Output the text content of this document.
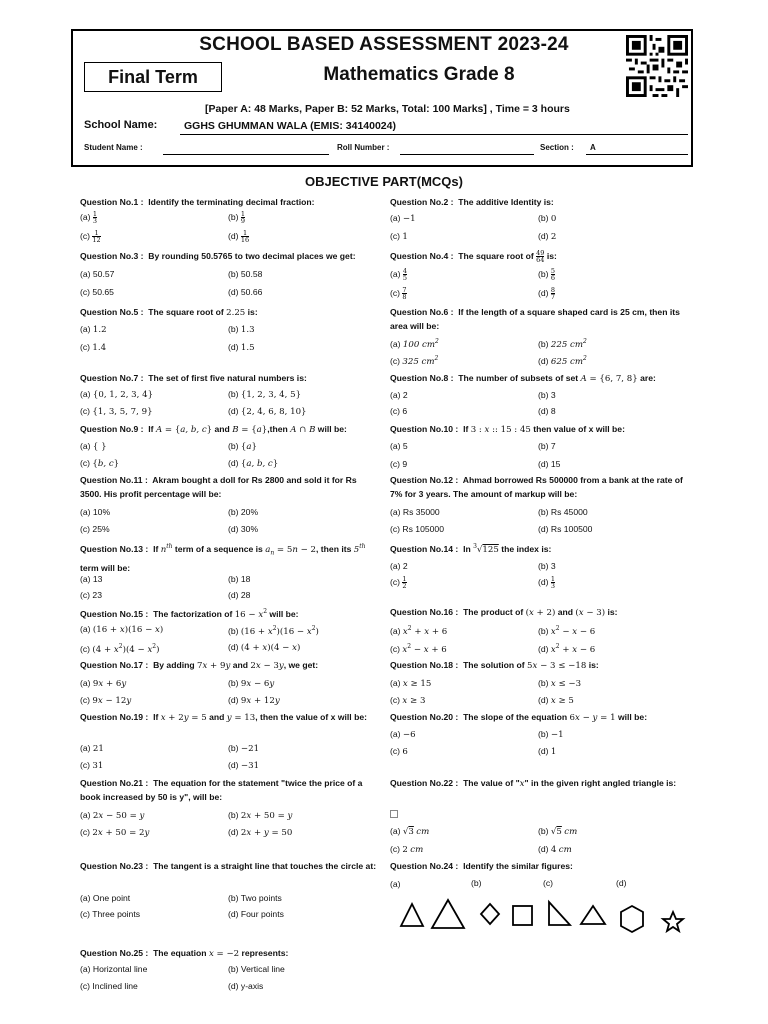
SCHOOL BASED ASSESSMENT 2023-24
Final Term	Mathematics Grade 8
[Paper A: 48 Marks, Paper B: 52 Marks, Total: 100 Marks] , Time = 3 hours
School Name:	GGHS GHUMMAN WALA (EMIS: 34140024)
Student Name :	Roll Number :	Section : A
OBJECTIVE PART(MCQs)
Question No.1 : Identify the terminating decimal fraction:
$(a) \frac{1}{3}$	$(b) \frac{1}{9}$
$(c) \frac{1}{12}$	$(d) \frac{1}{16}$
Question No.2 : The additive Identity is:
(a) −1	(b) 0
(c) 1	(d) 2
Question No.3 : By rounding 50.5765 to two decimal places we get:
(a) 50.57	(b) 50.58
(c) 50.65	(d) 50.66
Question No.4 : The square root of $\frac{49}{64}$ is:
$(a) \frac{4}{5}$	$(b) \frac{5}{6}$
$(c) \frac{7}{8}$	$(d) \frac{8}{7}$
Question No.5 : The square root of 2.25 is:
(a) 1.2	(b) 1.3
(c) 1.4	(d) 1.5
Question No.6 : If the length of a square shaped card is 25 cm, then its area will be:
(a) 100 $cm^2$	(b) 225 $cm^2$
(c) 325 $cm^2$	(d) 625 $cm^2$
Question No.7 : The set of first five natural numbers is:
(a) {0, 1, 2, 3, 4}	(b) {1, 2, 3, 4, 5}
(c) {1, 3, 5, 7, 9}	(d) {2, 4, 6, 8, 10}
Question No.8 : The number of subsets of set A = {6, 7, 8} are:
(a) 2	(b) 3
(c) 6	(d) 8
Question No.9 : If A = {a, b, c} and B = {a},then A ∩ B will be:
(a) { }	(b) {a}
(c) {b, c}	(d) {a, b, c}
Question No.10 : If 3 : x :: 15 : 45 then value of x will be:
(a) 5	(b) 7
(c) 9	(d) 15
Question No.11 : Akram bought a doll for Rs 2800 and sold it for Rs 3500. His profit percentage will be:
(a) 10%	(b) 20%
(c) 25%	(d) 30%
Question No.12 : Ahmad borrowed Rs 500000 from a bank at the rate of 7% for 3 years. The amount of markup will be:
(a) Rs 35000	(b) Rs 45000
(c) Rs 105000	(d) Rs 100500
Question No.13 : If $n^{th}$ term of a sequence is $a_n = 5n - 2$, then its 5th term will be:
(a) 13	(b) 18
(c) 23	(d) 28
Question No.14 : In $^3$√125 the index is:
(a) 2	(b) 3
$(c) \frac{1}{2}$	$(d) \frac{1}{3}$
Question No.15 : The factorization of $16 - x^2$ will be:
(a) (16 + x)(16 − x)	(b) $(16 + x^2)(16 - x^2)$
(c) $(4 + x^2)(4 - x^2)$	(d) (4 + x)(4 − x)
Question No.16 : The product of (x + 2) and (x − 3) is:
(a) $x^2 + x + 6$	(b) $x^2 - x - 6$
(c) $x^2 - x + 6$	(d) $x^2 + x - 6$
Question No.17 : By adding 7x + 9y and 2x − 3y, we get:
(a) 9x + 6y	(b) 9x − 6y
(c) 9x − 12y	(d) 9x + 12y
Question No.18 : The solution of 5x − 3 ≤ −18 is:
(a) x ≥ 15	(b) x ≤ −3
(c) x ≥ 3	(d) x ≥ 5
Question No.19 : If x + 2y = 5 and y = 13, then the value of x will be:
(a) 21	(b) −21
(c) 31	(d) −31
Question No.20 : The slope of the equation 6x − y = 1 will be:
(a) −6	(b) −1
(c) 6	(d) 1
Question No.21 : The equation for the statement "twice the price of a book increased by 50 is y", will be:
(a) 2x − 50 = y	(b) 2x + 50 = y
(c) 2x + 50 = 2y	(d) 2x + y = 50
Question No.22 : The value of "x" in the given right angled triangle is:
(a) √3 cm	(b) √5 cm
(c) 2 cm	(d) 4 cm
Question No.23 : The tangent is a straight line that touches the circle at:
(a) One point	(b) Two points
(c) Three points	(d) Four points
Question No.24 : Identify the similar figures:
(a)	(b)	(c)	(d)
Question No.25 : The equation x = −2 represents:
(a) Horizontal line	(b) Vertical line
(c) Inclined line	(d) y-axis
